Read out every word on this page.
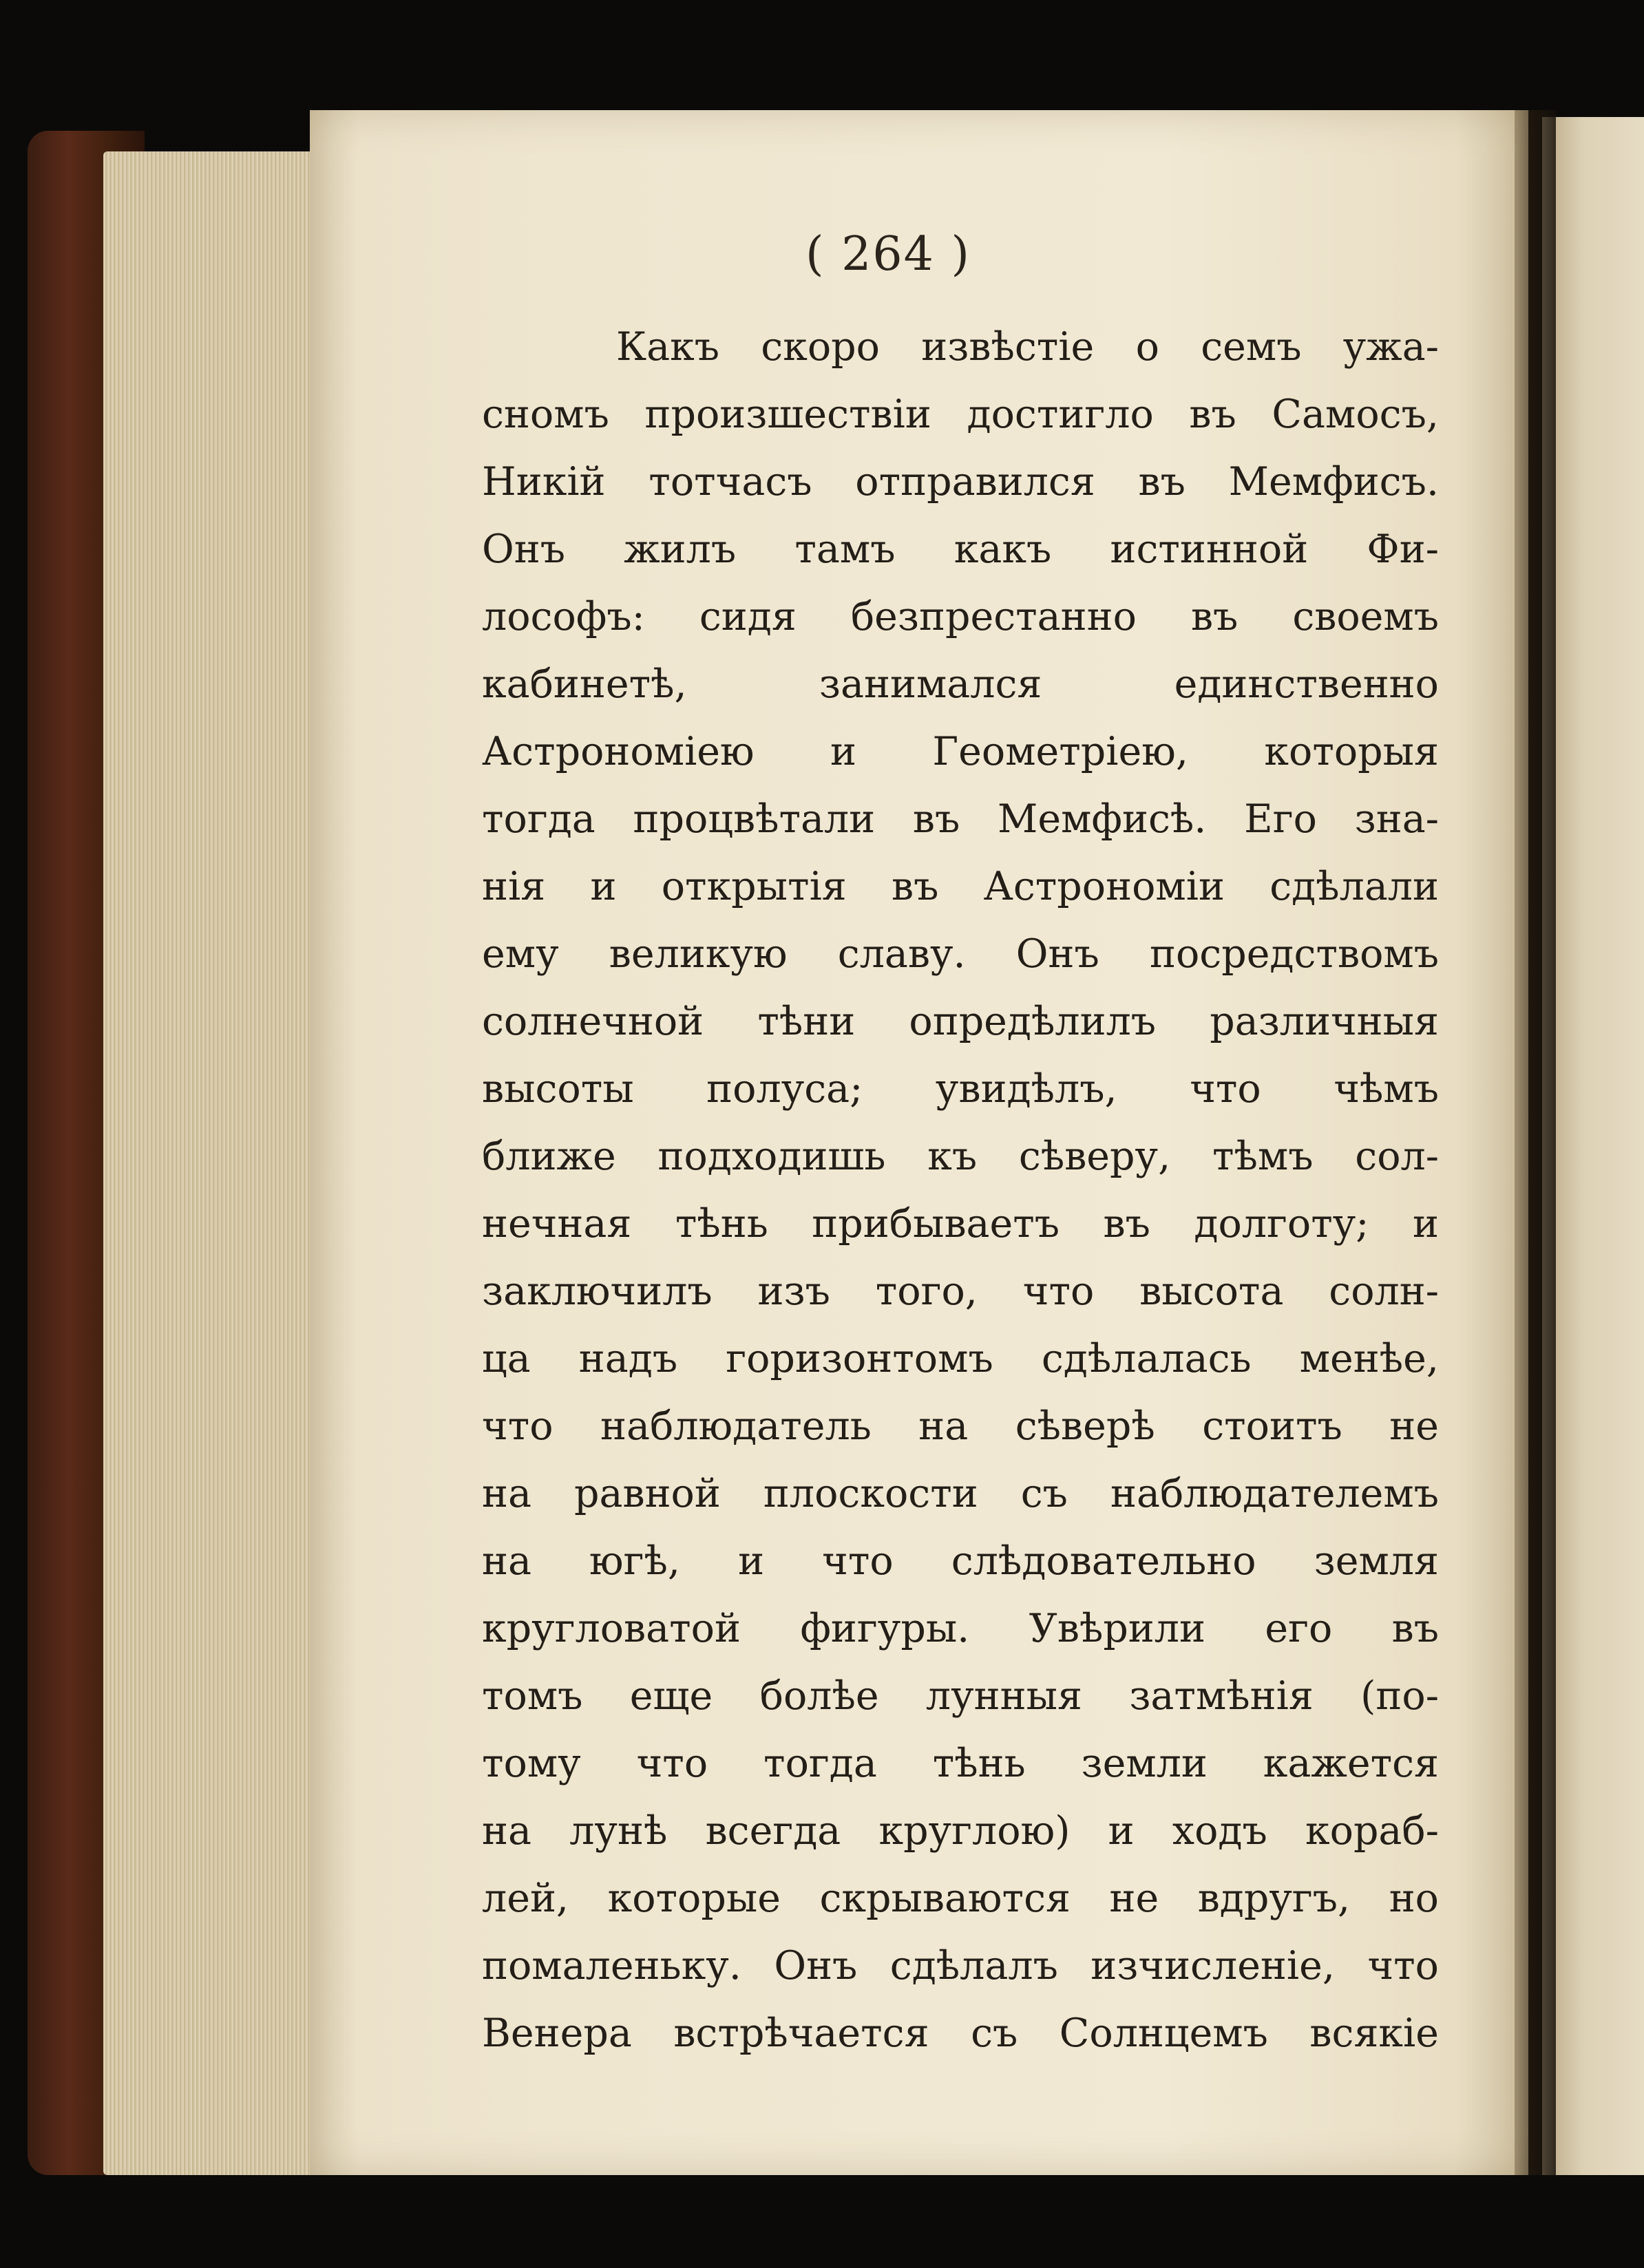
( 264 )
Какъ скоро извѣстіе о семъ ужа-
сномъ произшествіи достигло въ Самосъ,
Никій тотчасъ отправился въ Мемфисъ.
Онъ жилъ тамъ какъ истинной Фи-
лософъ: сидя безпрестанно въ своемъ
кабинетѣ, занимался единственно
Астрономіею и Геометріею, которыя
тогда процвѣтали въ Мемфисѣ. Его зна-
нія и открытія въ Астрономіи сдѣлали
ему великую славу. Онъ посредствомъ
солнечной тѣни опредѣлилъ различныя
высоты полуса; увидѣлъ, что чѣмъ
ближе подходишь къ сѣверу, тѣмъ сол-
нечная тѣнь прибываетъ въ долготу; и
заключилъ изъ того, что высота солн-
ца надъ горизонтомъ сдѣлалась менѣе,
что наблюдатель на сѣверѣ стоитъ не
на равной плоскости съ наблюдателемъ
на югѣ, и что слѣдовательно земля
кругловатой фигуры. Увѣрили его въ
томъ еще болѣе лунныя затмѣнія (по-
тому что тогда тѣнь земли кажется
на лунѣ всегда круглою) и ходъ кораб-
лей, которые скрываются не вдругъ, но
помаленьку. Онъ сдѣлалъ изчисленіе, что
Венера встрѣчается съ Солнцемъ всякіе
